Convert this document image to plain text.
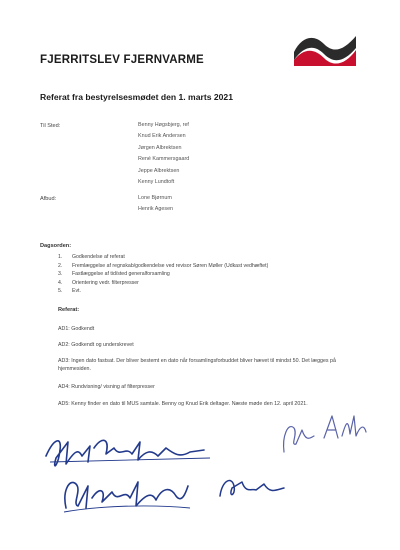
FJERRITSLEV FJERNVARME
Referat fra bestyrelsesmødet den 1. marts 2021
Til Sted:	Benny Høgsbjerg, ref
Knud Erik Andersen
Jørgen Albrektsen
René Kammersgaard
Jeppe Albrektsen
Kenny Lundtoft
Afbud:	Lone Bjørnum
Henrik Agesen
Dagsorden:
1. Godkendelse af referat
2. Fremlæggelse af regnskab/godkendelse ved revisor Søren Møller (Udkast vedhæftet)
3. Fastlæggelse af tid/sted generalforsamling
4. Orientering vedr. filterpresser
5. Evt.
Referat:
AD1: Godkendt
AD2: Godkendt og underskrevet
AD3: Ingen dato fastsat. Der bliver bestemt en dato når forsamlingsforbuddet bliver hævet til mindst 50. Det lægges på hjemmesiden.
AD4: Rundvisning/ visning af filterpresser
AD5: Kenny finder en dato til MUS samtale. Benny og Knud Erik deltager. Næste møde den 12. april 2021.
